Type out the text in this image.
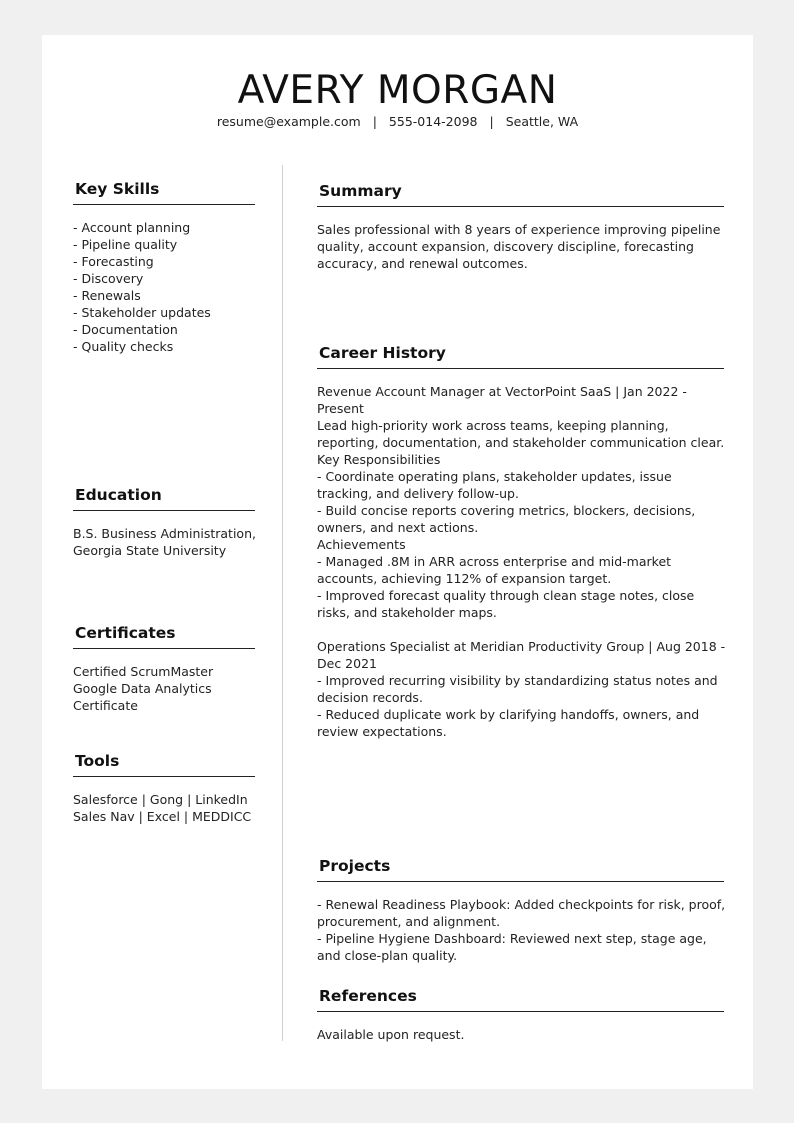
AVERY MORGAN
resume@example.com | 555-014-2098 | Seattle, WA
Key Skills
- Account planning
- Pipeline quality
- Forecasting
- Discovery
- Renewals
- Stakeholder updates
- Documentation
- Quality checks
Education
B.S. Business Administration,
Georgia State University
Certificates
Certified ScrumMaster
Google Data Analytics
Certificate
Tools
Salesforce | Gong | LinkedIn
Sales Nav | Excel | MEDDICC
Summary
Sales professional with 8 years of experience improving pipeline quality, account expansion, discovery discipline, forecasting accuracy, and renewal outcomes.
Career History
Revenue Account Manager at VectorPoint SaaS | Jan 2022 - Present
Lead high-priority work across teams, keeping planning, reporting, documentation, and stakeholder communication clear.
Key Responsibilities
- Coordinate operating plans, stakeholder updates, issue tracking, and delivery follow-up.
- Build concise reports covering metrics, blockers, decisions, owners, and next actions.
Achievements
- Managed .8M in ARR across enterprise and mid-market accounts, achieving 112% of expansion target.
- Improved forecast quality through clean stage notes, close risks, and stakeholder maps.
Operations Specialist at Meridian Productivity Group | Aug 2018 - Dec 2021
- Improved recurring visibility by standardizing status notes and decision records.
- Reduced duplicate work by clarifying handoffs, owners, and review expectations.
Projects
- Renewal Readiness Playbook: Added checkpoints for risk, proof, procurement, and alignment.
- Pipeline Hygiene Dashboard: Reviewed next step, stage age, and close-plan quality.
References
Available upon request.
